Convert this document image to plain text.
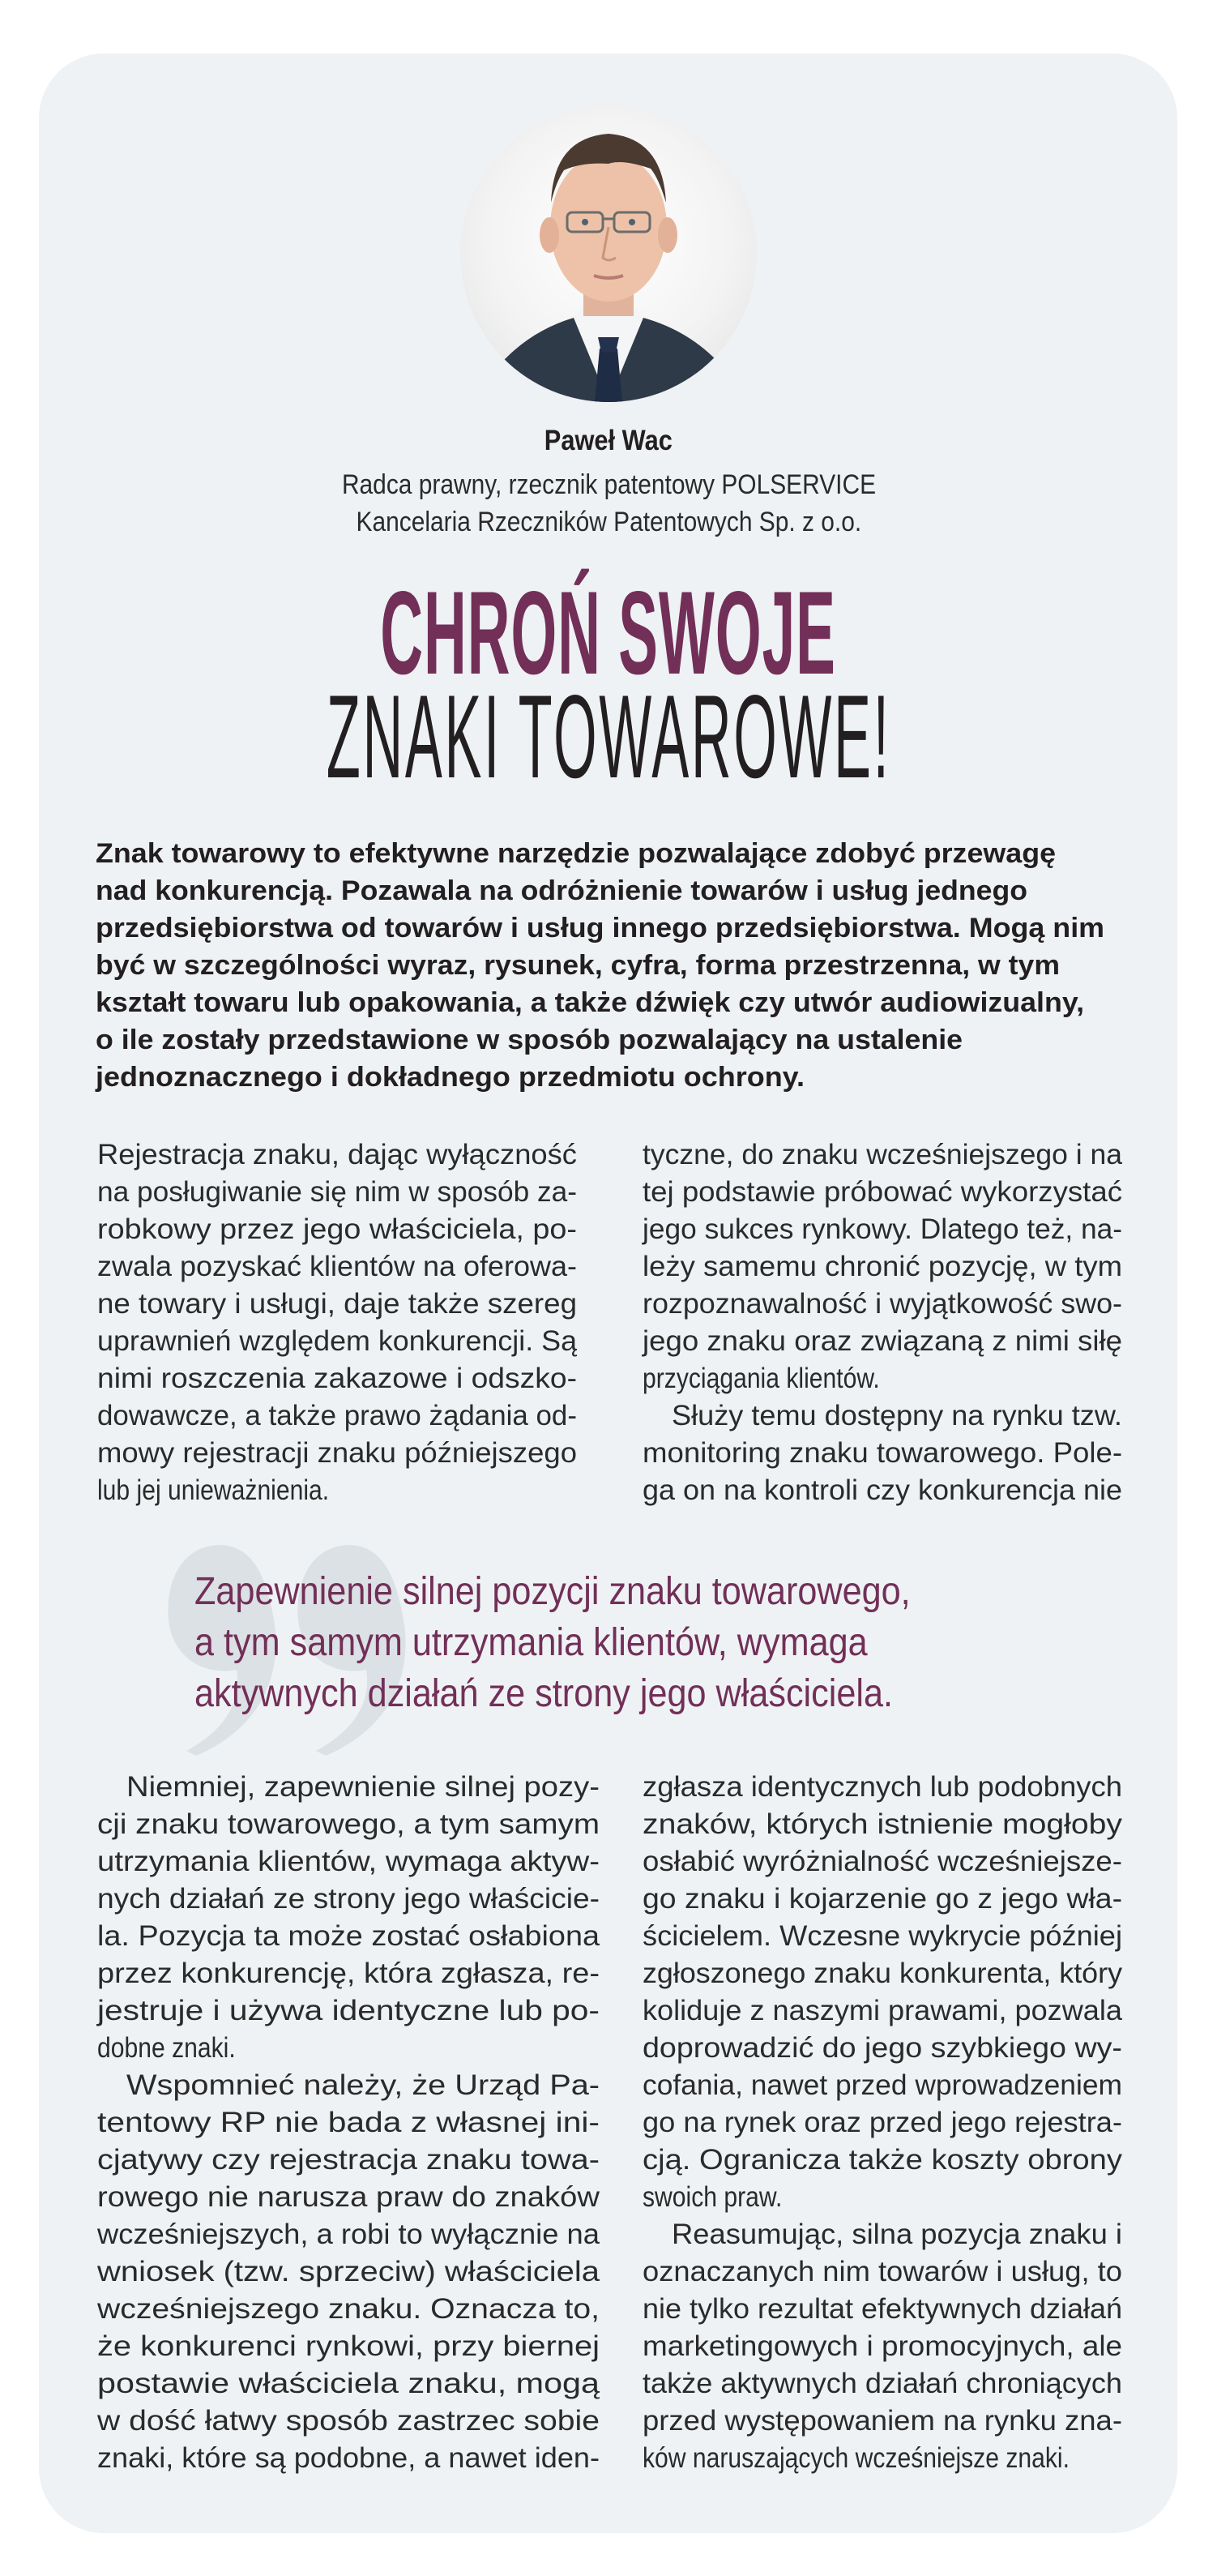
Paweł Wac
Radca prawny, rzecznik patentowy POLSERVICE
Kancelaria Rzeczników Patentowych Sp. z o.o.
CHROŃ SWOJE
ZNAKI TOWAROWE!
Znak towarowy to efektywne narzędzie pozwalające zdobyć przewagę
nad konkurencją. Pozawala na odróżnienie towarów i usług jednego
przedsiębiorstwa od towarów i usług innego przedsiębiorstwa. Mogą nim
być w szczególności wyraz, rysunek, cyfra, forma przestrzenna, w tym
kształt towaru lub opakowania, a także dźwięk czy utwór audiowizualny,
o ile zostały przedstawione w sposób pozwalający na ustalenie
jednoznacznego i dokładnego przedmiotu ochrony.
Rejestracja znaku, dając wyłączność
na posługiwanie się nim w sposób za-
robkowy przez jego właściciela, po-
zwala pozyskać klientów na oferowa-
ne towary i usługi, daje także szereg
uprawnień względem konkurencji. Są
nimi roszczenia zakazowe i odszko-
dowawcze, a także prawo żądania od-
mowy rejestracji znaku późniejszego
lub jej unieważnienia.
tyczne, do znaku wcześniejszego i na
tej podstawie próbować wykorzystać
jego sukces rynkowy. Dlatego też, na-
leży samemu chronić pozycję, w tym
rozpoznawalność i wyjątkowość swo-
jego znaku oraz związaną z nimi siłę
przyciągania klientów.
Służy temu dostępny na rynku tzw.
monitoring znaku towarowego. Pole-
ga on na kontroli czy konkurencja nie
Zapewnienie silnej pozycji znaku towarowego,
a tym samym utrzymania klientów, wymaga
aktywnych działań ze strony jego właściciela.
Niemniej, zapewnienie silnej pozy-
cji znaku towarowego, a tym samym
utrzymania klientów, wymaga aktyw-
nych działań ze strony jego właścicie-
la. Pozycja ta może zostać osłabiona
przez konkurencję, która zgłasza, re-
jestruje i używa identyczne lub po-
dobne znaki.
Wspomnieć należy, że Urząd Pa-
tentowy RP nie bada z własnej ini-
cjatywy czy rejestracja znaku towa-
rowego nie narusza praw do znaków
wcześniejszych, a robi to wyłącznie na
wniosek (tzw. sprzeciw) właściciela
wcześniejszego znaku. Oznacza to,
że konkurenci rynkowi, przy biernej
postawie właściciela znaku, mogą
w dość łatwy sposób zastrzec sobie
znaki, które są podobne, a nawet iden-
zgłasza identycznych lub podobnych
znaków, których istnienie mogłoby
osłabić wyróżnialność wcześniejsze-
go znaku i kojarzenie go z jego wła-
ścicielem. Wczesne wykrycie później
zgłoszonego znaku konkurenta, który
koliduje z naszymi prawami, pozwala
doprowadzić do jego szybkiego wy-
cofania, nawet przed wprowadzeniem
go na rynek oraz przed jego rejestra-
cją. Ogranicza także koszty obrony
swoich praw.
Reasumując, silna pozycja znaku i
oznaczanych nim towarów i usług, to
nie tylko rezultat efektywnych działań
marketingowych i promocyjnych, ale
także aktywnych działań chroniących
przed występowaniem na rynku zna-
ków naruszających wcześniejsze znaki.
